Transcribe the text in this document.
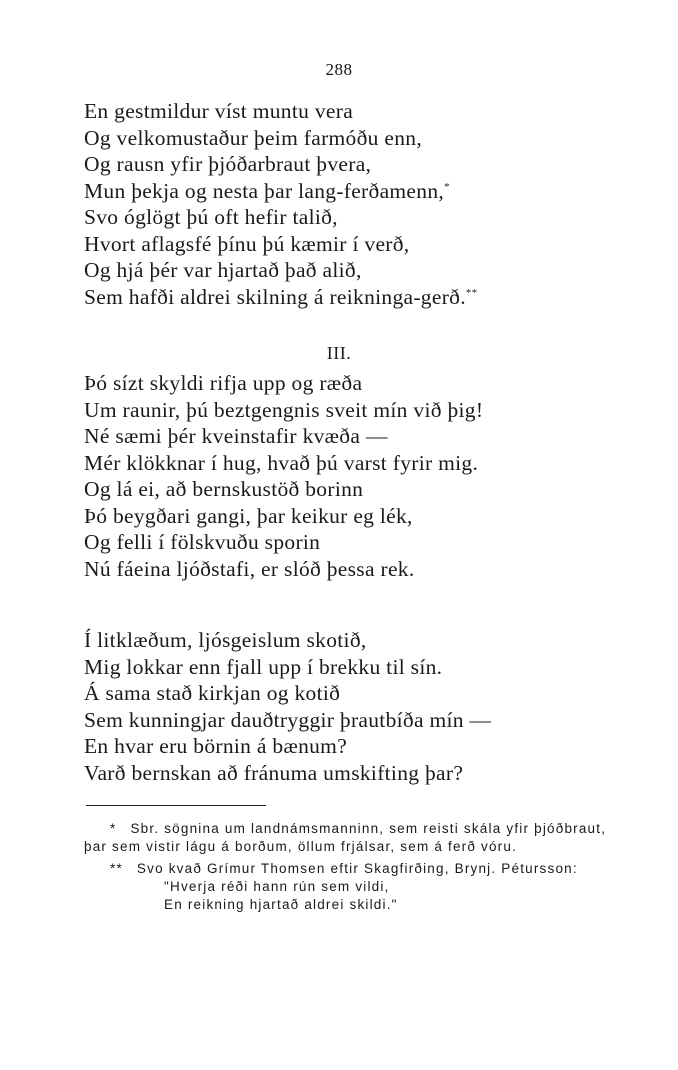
288
En gestmildur víst muntu vera
Og velkomustaður þeim farmóðu enn,
Og rausn yfir þjóðarbraut þvera,
Mun þekja og nesta þar lang-ferðamenn,*
Svo óglögt þú oft hefir talið,
Hvort aflagsfé þínu þú kæmir í verð,
Og hjá þér var hjartað það alið,
Sem hafði aldrei skilning á reikninga-gerð.**
III.
Þó sízt skyldi rifja upp og ræða
Um raunir, þú beztgengnis sveit mín við þig!
Né sæmi þér kveinstafir kvæða —
Mér klökknar í hug, hvað þú varst fyrir mig.
Og lá ei, að bernskustöð borinn
Þó beygðari gangi, þar keikur eg lék,
Og felli í fölskvuðu sporin
Nú fáeina ljóðstafi, er slóð þessa rek.
Í litklæðum, ljósgeislum skotið,
Mig lokkar enn fjall upp í brekku til sín.
Á sama stað kirkjan og kotið
Sem kunningjar dauðtryggir þrautbíða mín —
En hvar eru börnin á bænum?
Varð bernskan að fránuma umskifting þar?

* Sbr. sögnina um landnámsmanninn, sem reisti skála yfir þjóðbraut, þar sem vistir lágu á borðum, öllum frjálsar, sem á ferð vóru.

** Svo kvað Grímur Thomsen eftir Skagfirðing, Brynj. Pétursson:
"Hverja réði hann rún sem vildi,
En reikning hjartað aldrei skildi."
